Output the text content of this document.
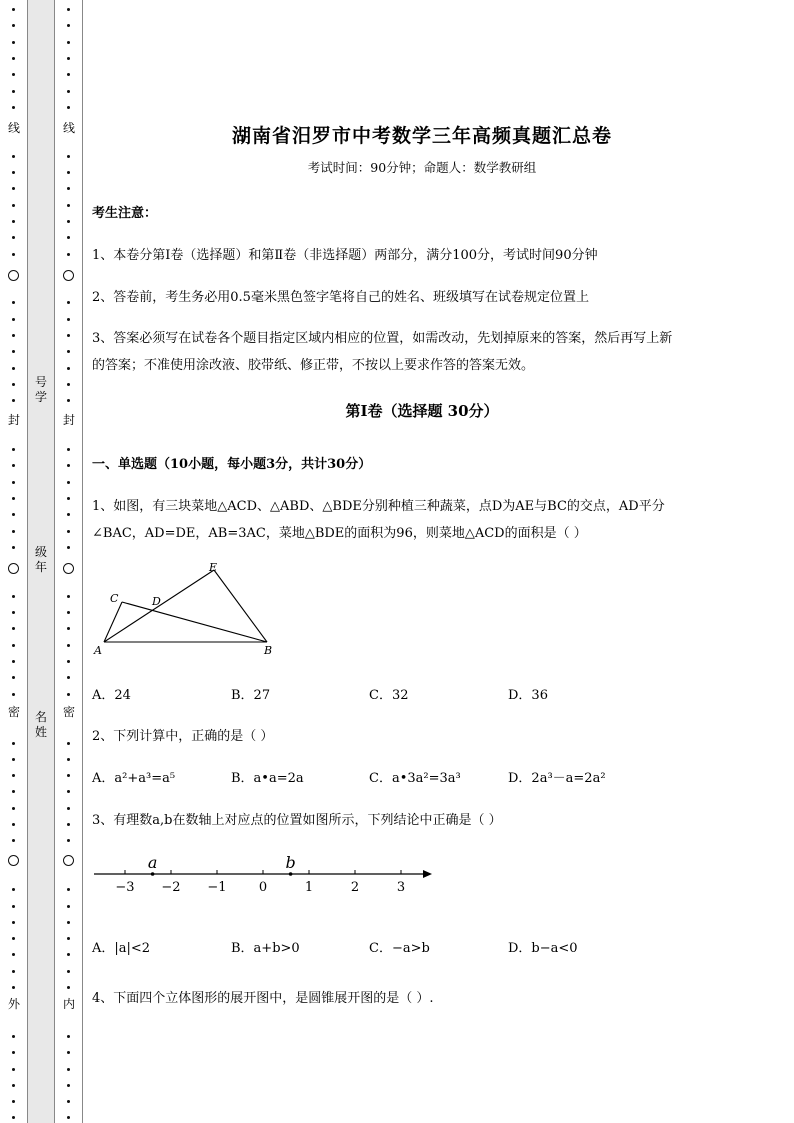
线
封
密
外
号
学
级
年
名
姓
线
封
密
内
湖南省汨罗市中考数学三年高频真题汇总卷
考试时间：90分钟；命题人：数学教研组
考生注意：
1、本卷分第I卷（选择题）和第Ⅱ卷（非选择题）两部分，满分100分，考试时间90分钟
2、答卷前，考生务必用0.5毫米黑色签字笔将自己的姓名、班级填写在试卷规定位置上
3、答案必须写在试卷各个题目指定区域内相应的位置，如需改动，先划掉原来的答案，然后再写上新
的答案；不准使用涂改液、胶带纸、修正带，不按以上要求作答的答案无效。
第I卷（选择题 30分）
一、单选题（10小题，每小题3分，共计30分）
1、如图，有三块菜地△ACD、△ABD、△BDE分别种植三种蔬菜，点D为AE与BC的交点，AD平分
∠BAC，AD=DE，AB=3AC，菜地△BDE的面积为96，则菜地△ACD的面积是（ ）
A	B
C	D
E
A．24	B．27	C．32	D．36
2、下列计算中，正确的是（ ）
A．a²+a³=a⁵	B．a•a=2a	C．a•3a²=3a³	D．2a³－a=2a²
3、有理数a,b在数轴上对应点的位置如图所示，下列结论中正确是（ ）
−3 −2 −1 0	1	2	3
a	b
A．|a|<2	B．a+b>0	C．−a>b	D．b−a<0
4、下面四个立体图形的展开图中，是圆锥展开图的是（ ）.
